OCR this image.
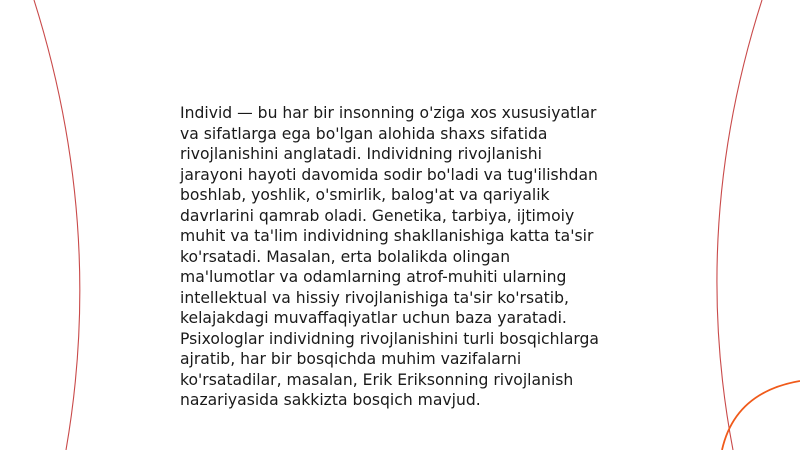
Individ — bu har bir insonning o'ziga xos xususiyatlar
va sifatlarga ega bo'lgan alohida shaxs sifatida
rivojlanishini anglatadi. Individning rivojlanishi
jarayoni hayoti davomida sodir bo'ladi va tug'ilishdan
boshlab, yoshlik, o'smirlik, balog'at va qariyalik
davrlarini qamrab oladi. Genetika, tarbiya, ijtimoiy
muhit va ta'lim individning shakllanishiga katta ta'sir
ko'rsatadi. Masalan, erta bolalikda olingan
ma'lumotlar va odamlarning atrof-muhiti ularning
intellektual va hissiy rivojlanishiga ta'sir ko'rsatib,
kelajakdagi muvaffaqiyatlar uchun baza yaratadi.
Psixologlar individning rivojlanishini turli bosqichlarga
ajratib, har bir bosqichda muhim vazifalarni
ko'rsatadilar, masalan, Erik Eriksonning rivojlanish
nazariyasida sakkizta bosqich mavjud.
